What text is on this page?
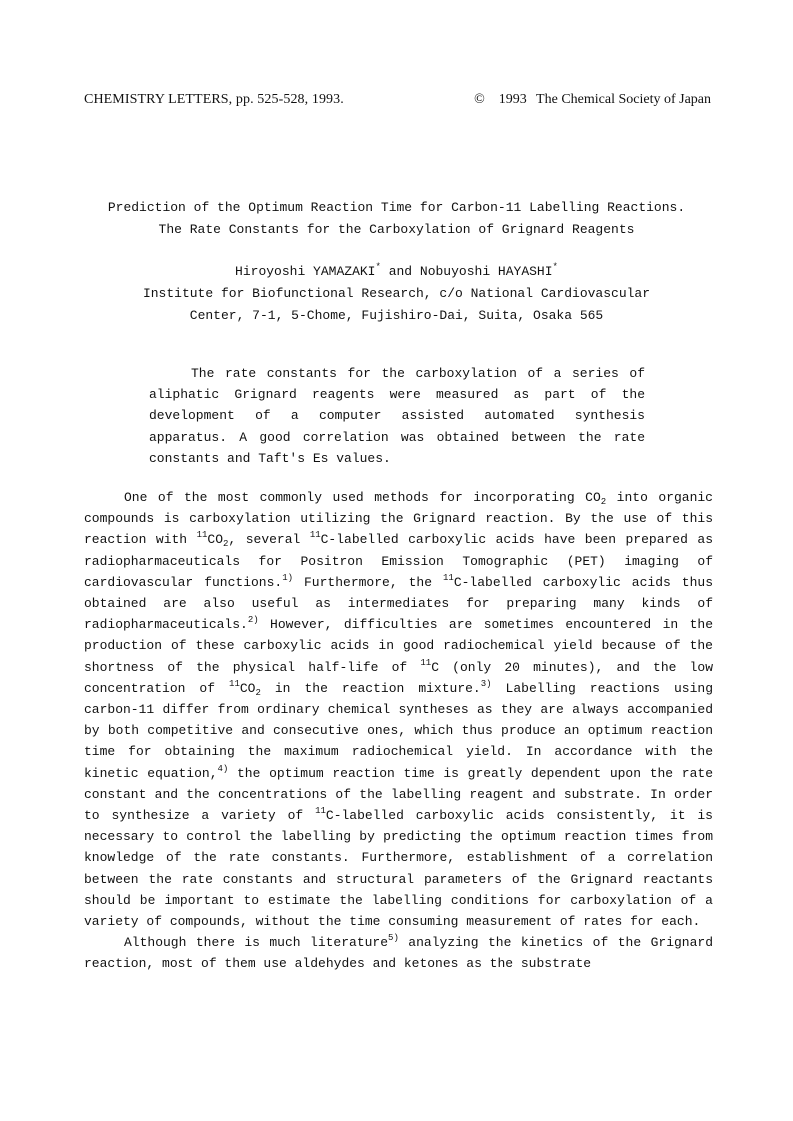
CHEMISTRY LETTERS, pp. 525-528, 1993.	© 1993 The Chemical Society of Japan
Prediction of the Optimum Reaction Time for Carbon-11 Labelling Reactions.
The Rate Constants for the Carboxylation of Grignard Reagents
Hiroyoshi YAMAZAKI* and Nobuyoshi HAYASHI*
Institute for Biofunctional Research, c/o National Cardiovascular
Center, 7-1, 5-Chome, Fujishiro-Dai, Suita, Osaka 565

The rate constants for the carboxylation of a series of aliphatic Grignard reagents were measured as part of the development of a computer assisted automated synthesis apparatus. A good correlation was obtained between the rate constants and Taft's Es values.

One of the most commonly used methods for incorporating $CO_2$ into organic compounds is carboxylation utilizing the Grignard reaction. By the use of this reaction with $^{11}CO_2$, several $^{11}$C-labelled carboxylic acids have been prepared as radiopharmaceuticals for Positron Emission Tomographic (PET) imaging of cardiovascular functions.$^{1)}$ Furthermore, the $^{11}$C-labelled carboxylic acids thus obtained are also useful as intermediates for preparing many kinds of radiopharmaceuticals.$^{2)}$ However, difficulties are sometimes encountered in the production of these carboxylic acids in good radiochemical yield because of the shortness of the physical half-life of $^{11}$C (only 20 minutes), and the low concentration of $^{11}CO_2$ in the reaction mixture.$^{3)}$ Labelling reactions using carbon-11 differ from ordinary chemical syntheses as they are always accompanied by both competitive and consecutive ones, which thus produce an optimum reaction time for obtaining the maximum radiochemical yield. In accordance with the kinetic equation,$^{4)}$ the optimum reaction time is greatly dependent upon the rate constant and the concentrations of the labelling reagent and substrate. In order to synthesize a variety of $^{11}$C-labelled carboxylic acids consistently, it is necessary to control the labelling by predicting the optimum reaction times from knowledge of the rate constants. Furthermore, establishment of a correlation between the rate constants and structural parameters of the Grignard reactants should be important to estimate the labelling conditions for carboxylation of a variety of compounds, without the time consuming measurement of rates for each.

Although there is much literature$^{5)}$ analyzing the kinetics of the Grignard reaction, most of them use aldehydes and ketones as the substrate
